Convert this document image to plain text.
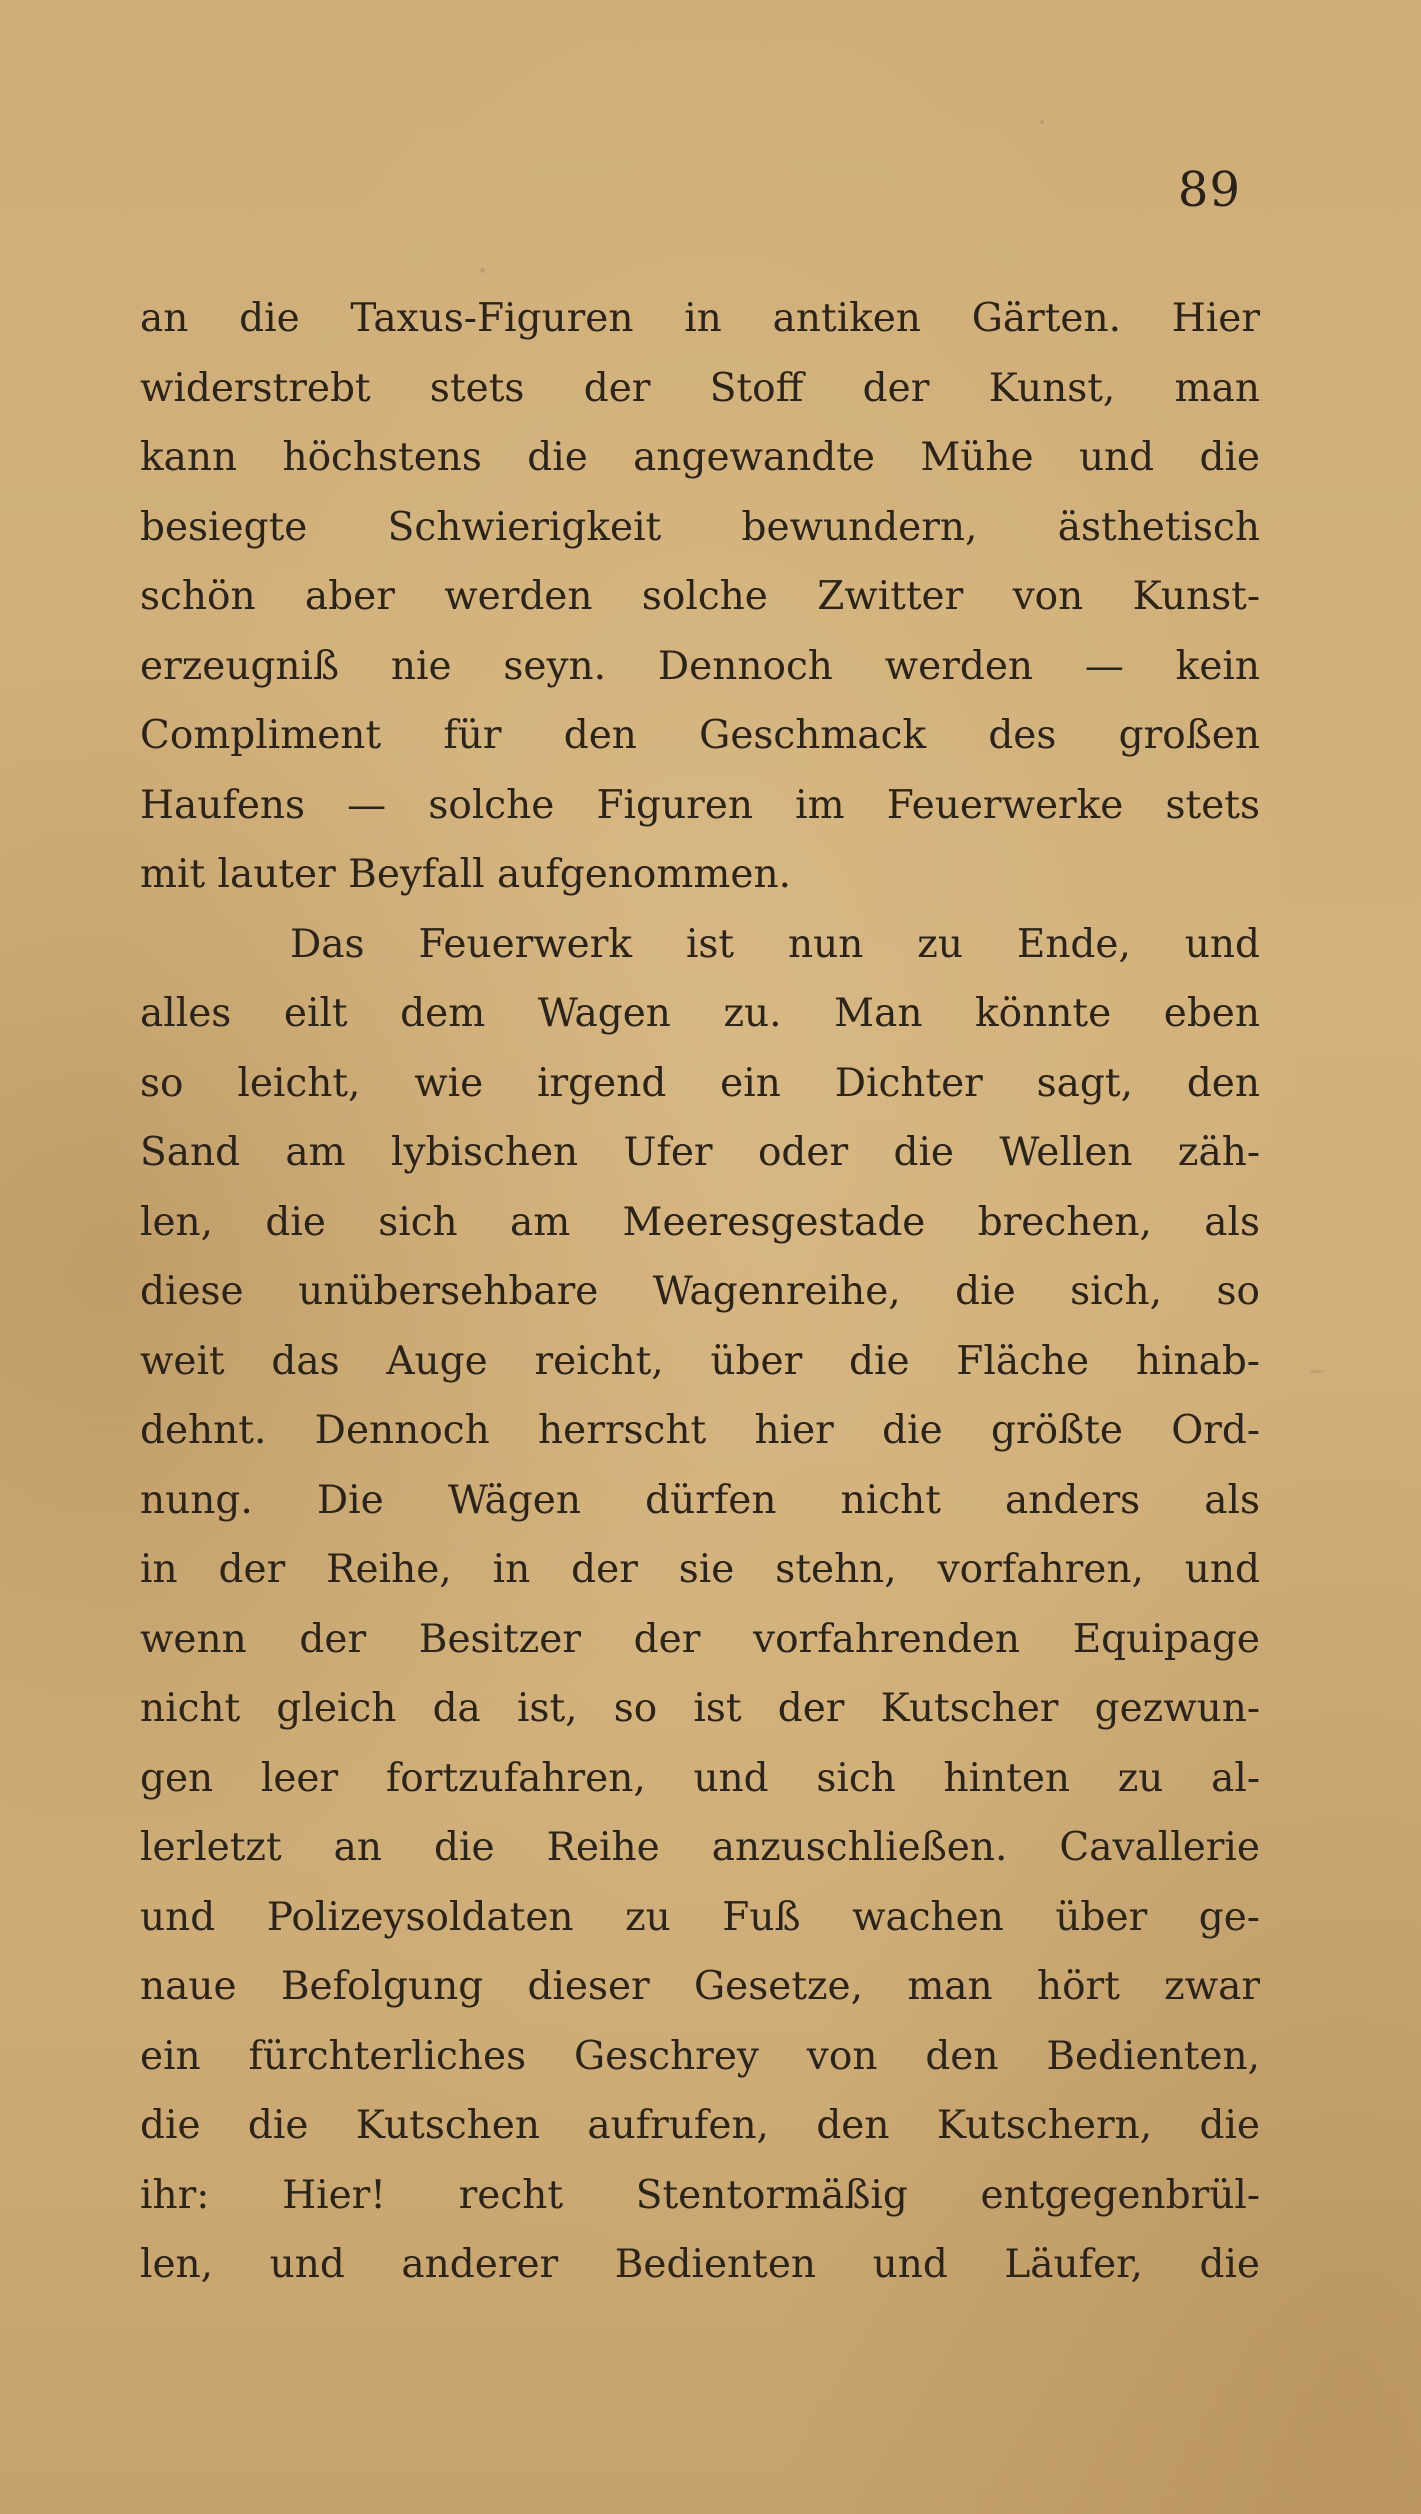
89
an die Taxus-Figuren in antiken Gärten. Hier
widerstrebt stets der Stoff der Kunst, man
kann höchstens die angewandte Mühe und die
besiegte Schwierigkeit bewundern, ästhetisch
schön aber werden solche Zwitter von Kunst-
erzeugniß nie seyn. Dennoch werden — kein
Compliment für den Geschmack des großen
Haufens — solche Figuren im Feuerwerke stets
mit lauter Beyfall aufgenommen.
Das Feuerwerk ist nun zu Ende, und
alles eilt dem Wagen zu. Man könnte eben
so leicht, wie irgend ein Dichter sagt, den
Sand am lybischen Ufer oder die Wellen zäh-
len, die sich am Meeresgestade brechen, als
diese unübersehbare Wagenreihe, die sich, so
weit das Auge reicht, über die Fläche hinab-
dehnt. Dennoch herrscht hier die größte Ord-
nung. Die Wägen dürfen nicht anders als
in der Reihe, in der sie stehn, vorfahren, und
wenn der Besitzer der vorfahrenden Equipage
nicht gleich da ist, so ist der Kutscher gezwun-
gen leer fortzufahren, und sich hinten zu al-
lerletzt an die Reihe anzuschließen. Cavallerie
und Polizeysoldaten zu Fuß wachen über ge-
naue Befolgung dieser Gesetze, man hört zwar
ein fürchterliches Geschrey von den Bedienten,
die die Kutschen aufrufen, den Kutschern, die
ihr: Hier! recht Stentormäßig entgegenbrül-
len, und anderer Bedienten und Läufer, die
